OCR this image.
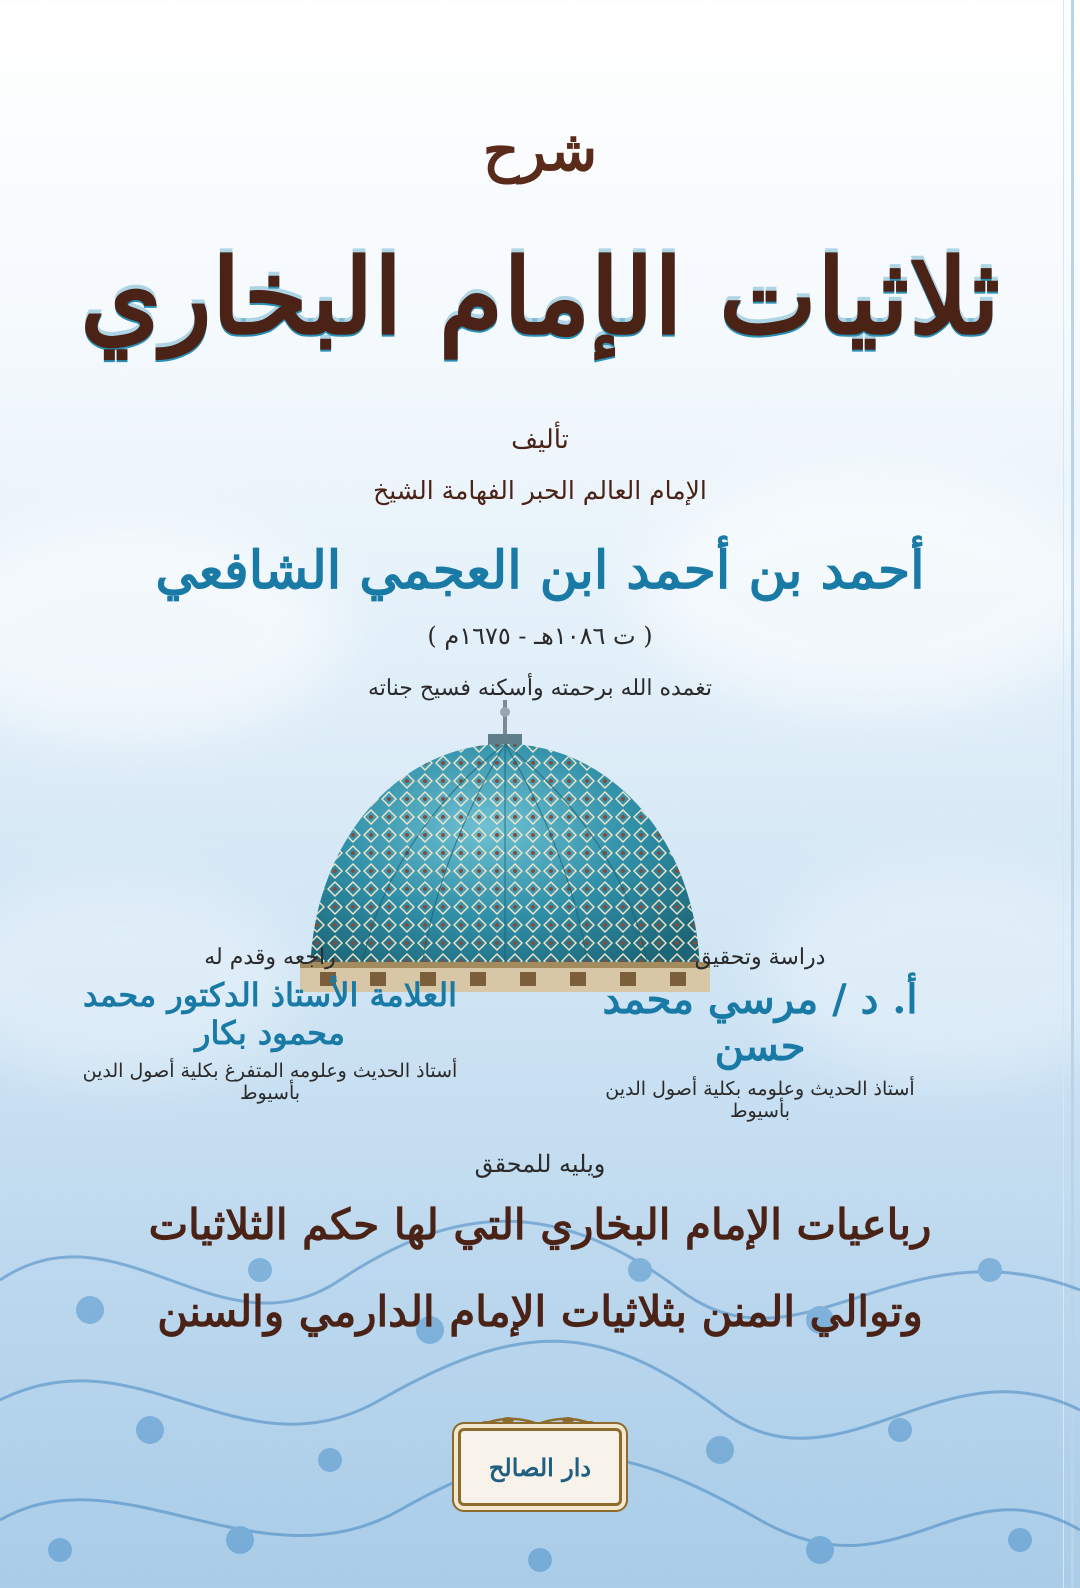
شرح
ثلاثيات الإمام البخاري
تأليف
الإمام العالم الحبر الفهامة الشيخ
أحمد بن أحمد ابن العجمي الشافعي
( ت ١٠٨٦هـ - ١٦٧٥م )
تغمده الله برحمته وأسكنه فسيح جناته
دراسة وتحقيق
أ. د / مرسي محمد حسن
أستاذ الحديث وعلومه بكلية أصول الدين بأسيوط
راجعه وقدم له
العلامة الأستاذ الدكتور محمد محمود بكار
أستاذ الحديث وعلومه المتفرغ بكلية أصول الدين بأسيوط
ويليه للمحقق
رباعيات الإمام البخاري التي لها حكم الثلاثيات
وتوالي المنن بثلاثيات الإمام الدارمي والسنن
دار الصالح
